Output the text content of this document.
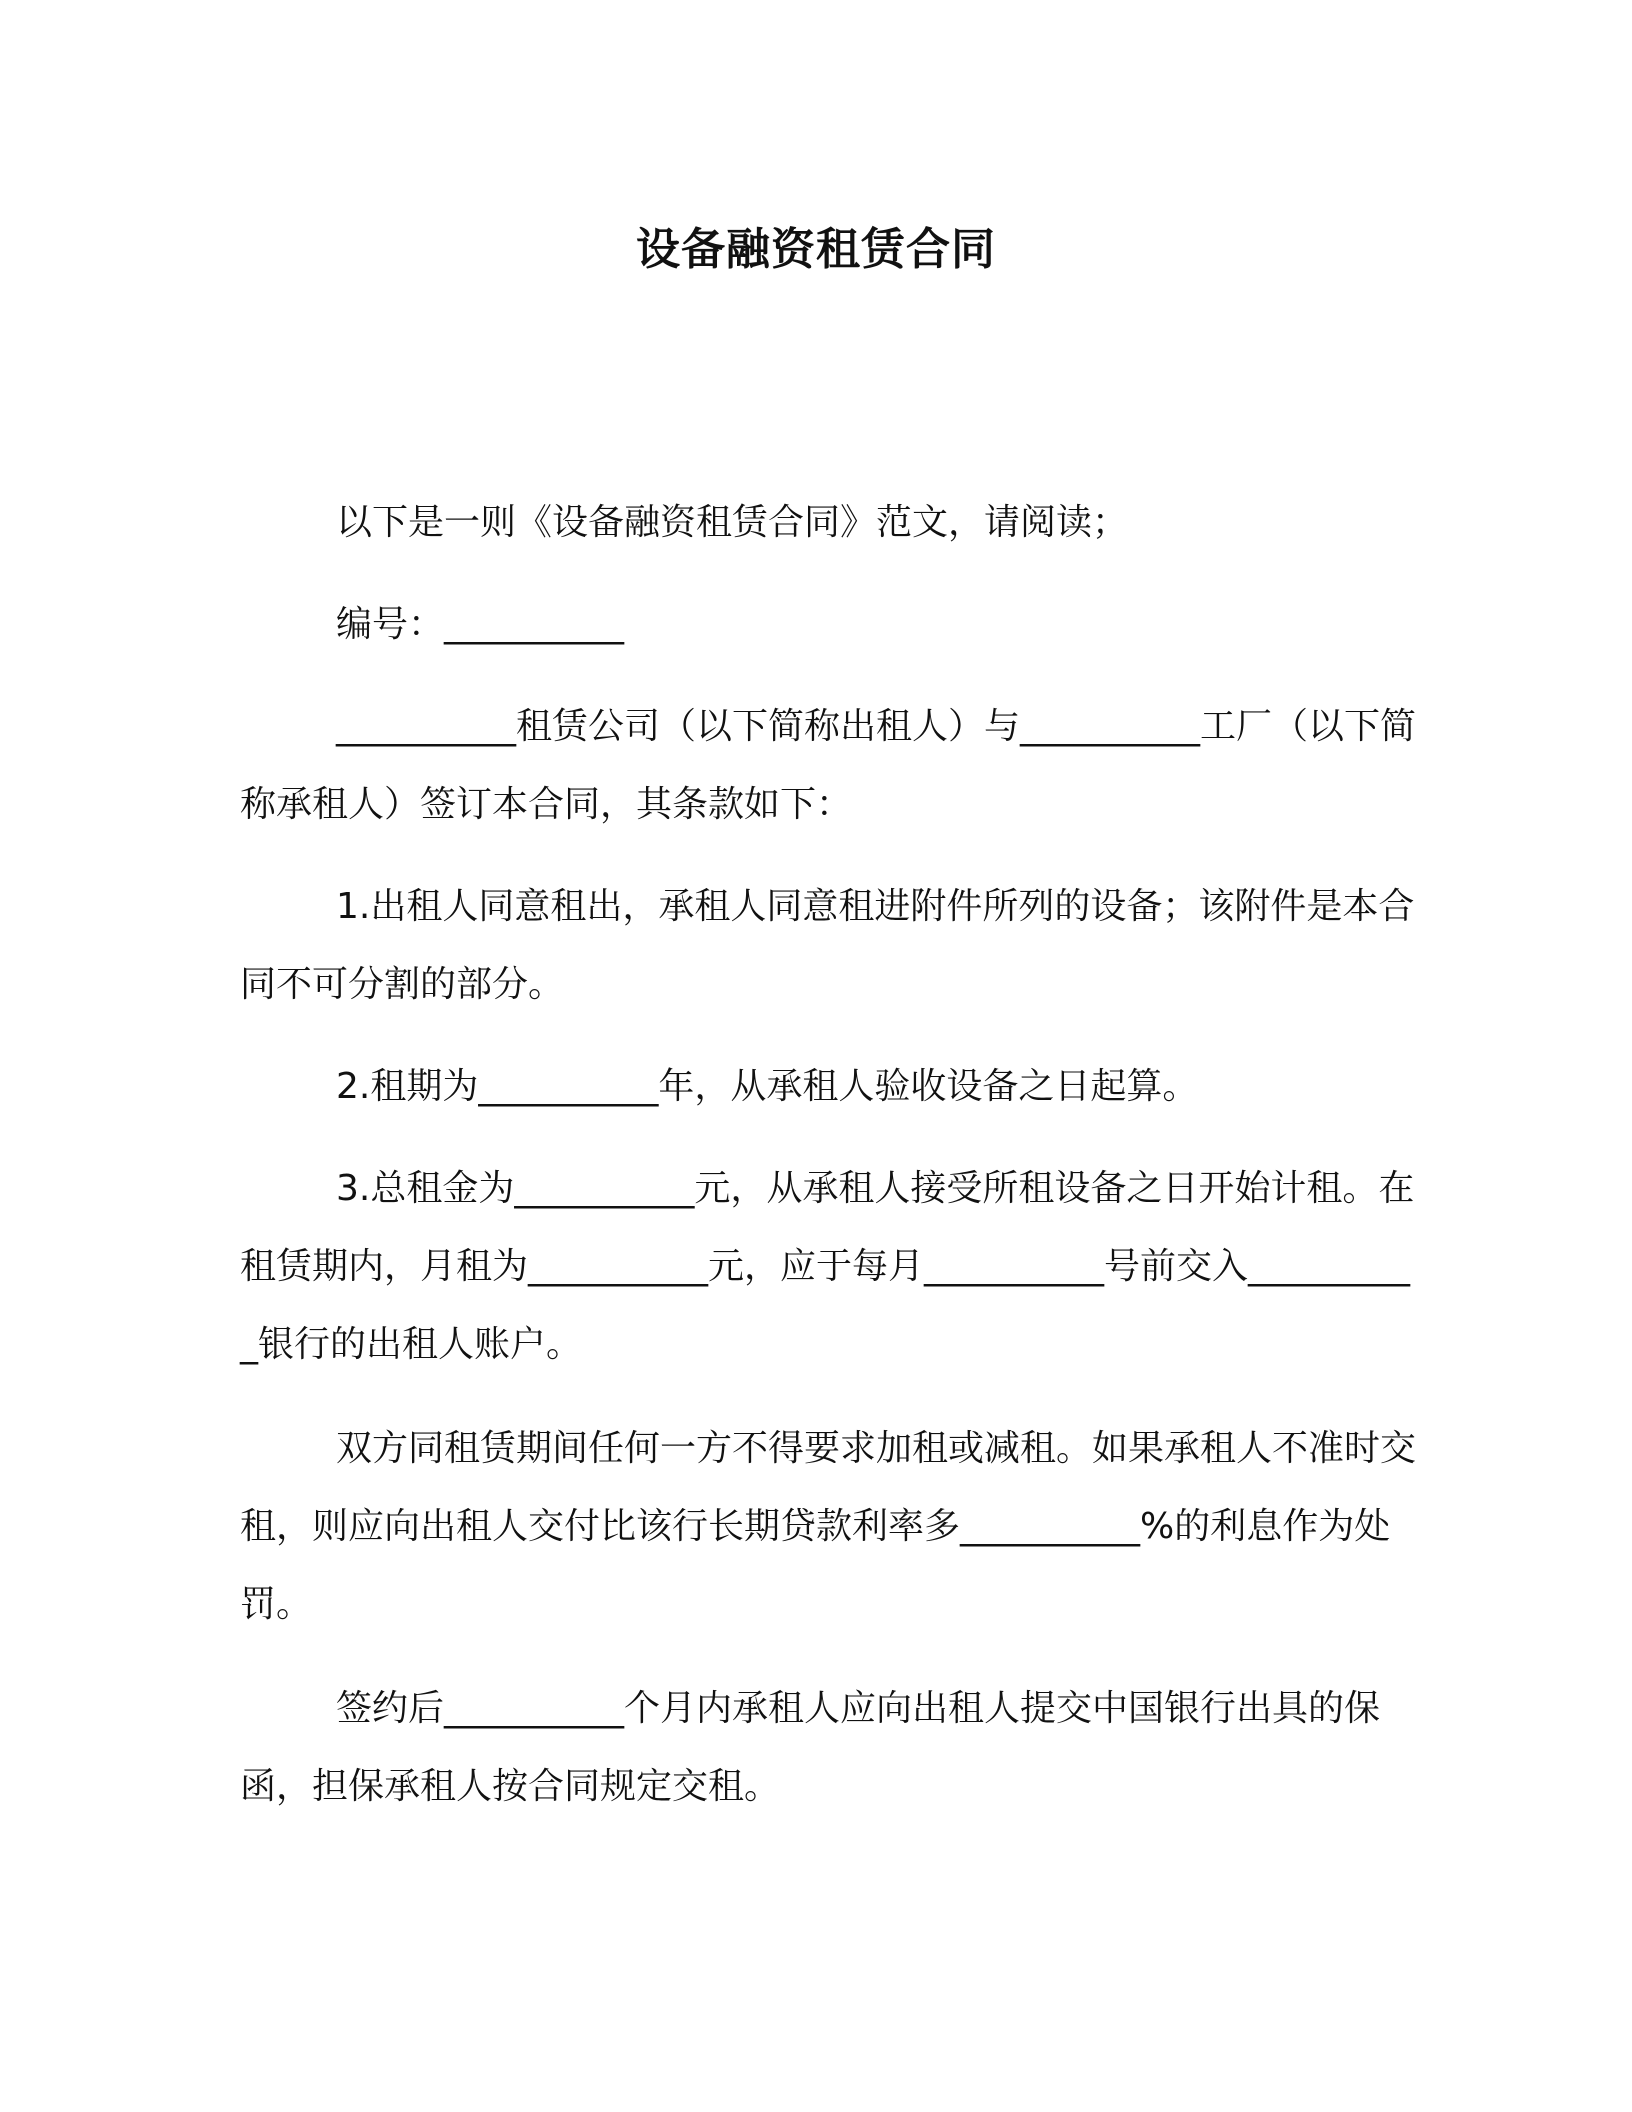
设备融资租赁合同

以下是一则《设备融资租赁合同》范文，请阅读；

编号：__________

__________租赁公司（以下简称出租人）与__________工厂（以下简称承租人）签订本合同，其条款如下：

1.出租人同意租出，承租人同意租进附件所列的设备；该附件是本合同不可分割的部分。

2.租期为__________年，从承租人验收设备之日起算。

3.总租金为__________元，从承租人接受所租设备之日开始计租。在租赁期内，月租为__________元，应于每月__________号前交入__________银行的出租人账户。

双方同租赁期间任何一方不得要求加租或减租。如果承租人不准时交租，则应向出租人交付比该行长期贷款利率多__________%的利息作为处罚。

签约后__________个月内承租人应向出租人提交中国银行出具的保函，担保承租人按合同规定交租。
